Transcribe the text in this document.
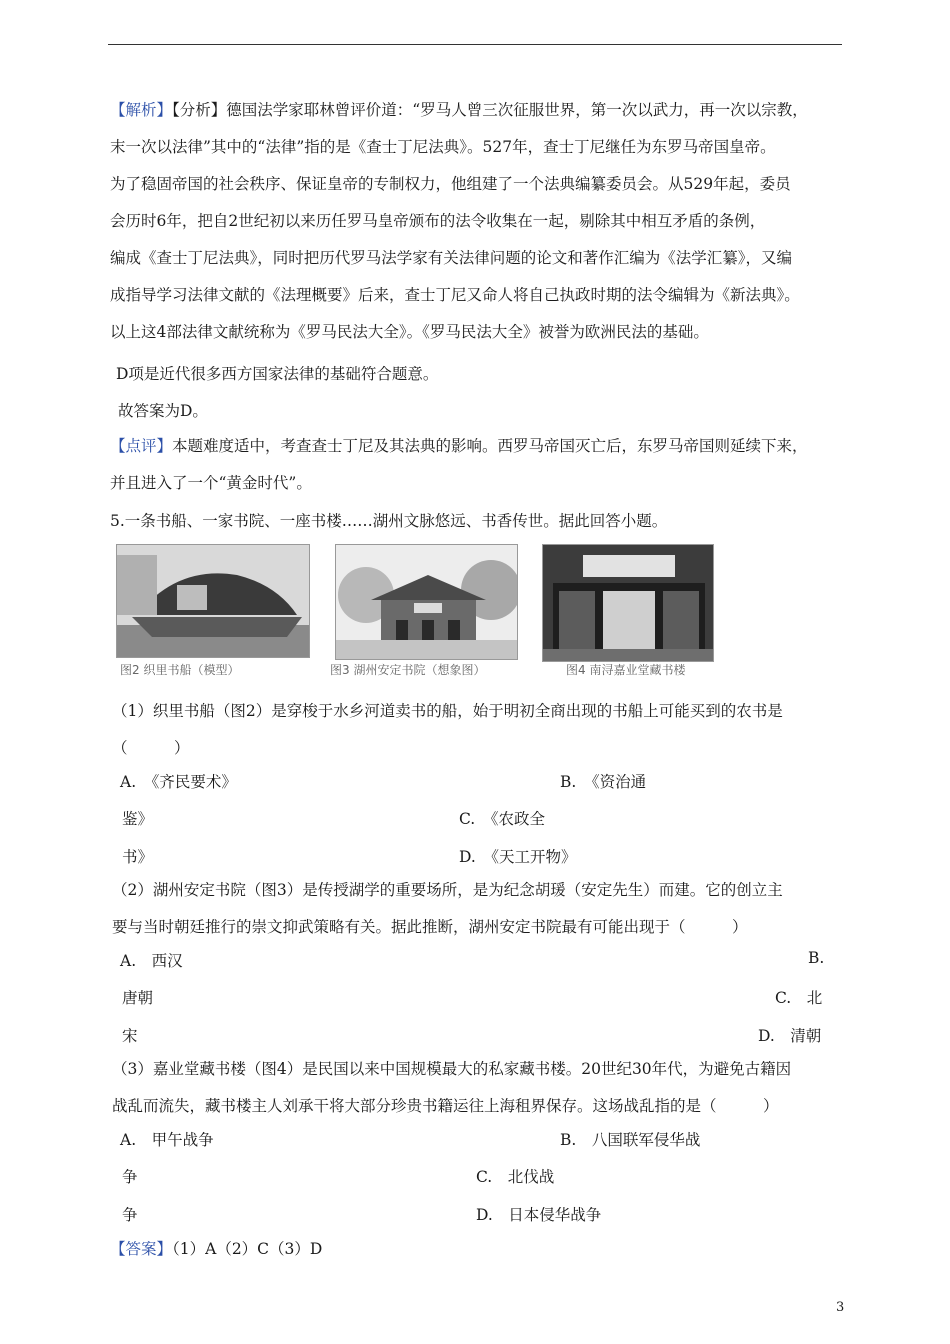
【解析】【分析】德国法学家耶林曾评价道：“罗马人曾三次征服世界，第一次以武力，再一次以宗教，
末一次以法律”其中的“法律”指的是《查士丁尼法典》。527年，查士丁尼继任为东罗马帝国皇帝。
为了稳固帝国的社会秩序、保证皇帝的专制权力，他组建了一个法典编纂委员会。从529年起，委员
会历时6年，把自2世纪初以来历任罗马皇帝颁布的法令收集在一起，剔除其中相互矛盾的条例，
编成《查士丁尼法典》，同时把历代罗马法学家有关法律问题的论文和著作汇编为《法学汇纂》，又编
成指导学习法律文献的《法理概要》后来，查士丁尼又命人将自己执政时期的法令编辑为《新法典》。
以上这4部法律文献统称为《罗马民法大全》。《罗马民法大全》被誉为欧洲民法的基础。
D项是近代很多西方国家法律的基础符合题意。
故答案为D。
【点评】本题难度适中，考查查士丁尼及其法典的影响。西罗马帝国灭亡后，东罗马帝国则延续下来，
并且进入了一个“黄金时代”。
5.一条书船、一家书院、一座书楼……湖州文脉悠远、书香传世。据此回答小题。
图2 织里书船（模型）	图3 湖州安定书院（想象图）	图4 南浔嘉业堂藏书楼
（1）织里书船（图2）是穿梭于水乡河道卖书的船，始于明初全商出现的书船上可能买到的农书是
（　　　）
A.　《齐民要术》	B.　《资治通
鉴》	C.　《农政全
书》	D.　《天工开物》
（2）湖州安定书院（图3）是传授湖学的重要场所，是为纪念胡瑗（安定先生）而建。它的创立主
要与当时朝廷推行的崇文抑武策略有关。据此推断，湖州安定书院最有可能出现于（　　　）
A.　西汉	B.
唐朝	C.　北
宋	D.　清朝
（3）嘉业堂藏书楼（图4）是民国以来中国规模最大的私家藏书楼。20世纪30年代，为避免古籍因
战乱而流失，藏书楼主人刘承干将大部分珍贵书籍运往上海租界保存。这场战乱指的是（　　　）
A.　甲午战争	B.　八国联军侵华战
争	C.　北伐战
争	D.　日本侵华战争
【答案】（1）A（2）C（3）D
3
